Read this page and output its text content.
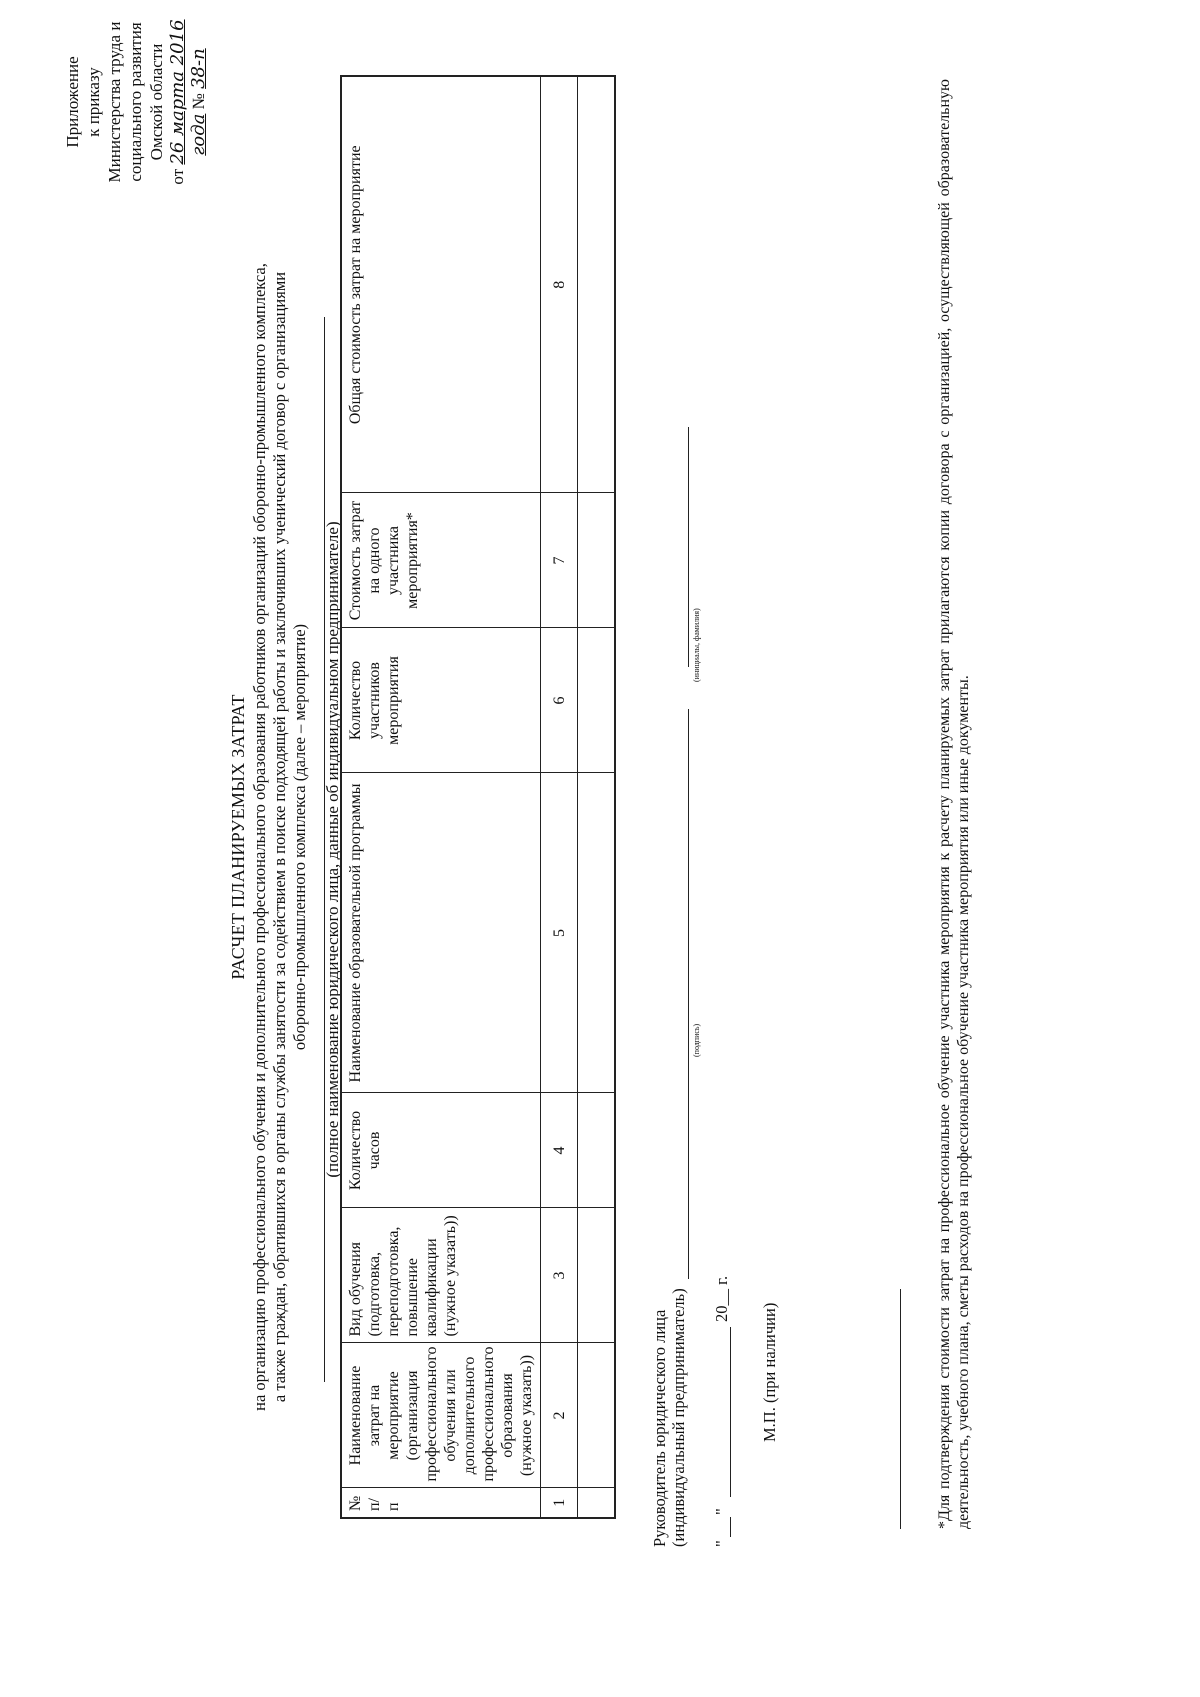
Приложение к приказу Министерства труда и социального развития Омской области
от 26 марта 2016 года № 38-п
РАСЧЕТ ПЛАНИРУЕМЫХ ЗАТРАТ на организацию профессионального обучения и дополнительного профессионального образования работников организаций оборонно-промышленного комплекса, а также граждан, обратившихся в органы службы занятости за содействием в поиске подходящей работы и заключивших ученический договор с организациями оборонно-промышленного комплекса (далее – мероприятие) (полное наименование юридического лица, данные об индивидуальном предпринимателе)
№ п/п	Наименование затрат на мероприятие (организация профессионального обучения или дополнительного профессионального образования (нужное указать))	Вид обучения (подготовка, переподготовка, повышение квалификации (нужное указать))	Количество часов	Наименование образовательной программы	Количество участников мероприятия	Стоимость затрат на одного участника мероприятия*	Общая стоимость затрат на мероприятие
1	2	3	4	5	6	7	8

Руководитель юридического лица (индивидуальный предприниматель)
(подпись)
(инициалы, фамилия)
"
"
20__ г.
М.П. (при наличии)	*Для подтверждения стоимости затрат на профессиональное обучение участника мероприятия к расчету планируемых затрат прилагаются копии договора с организацией, осуществляющей образовательную деятельность, учебного плана, сметы расходов на профессиональное обучение участника мероприятия или иные документы.
